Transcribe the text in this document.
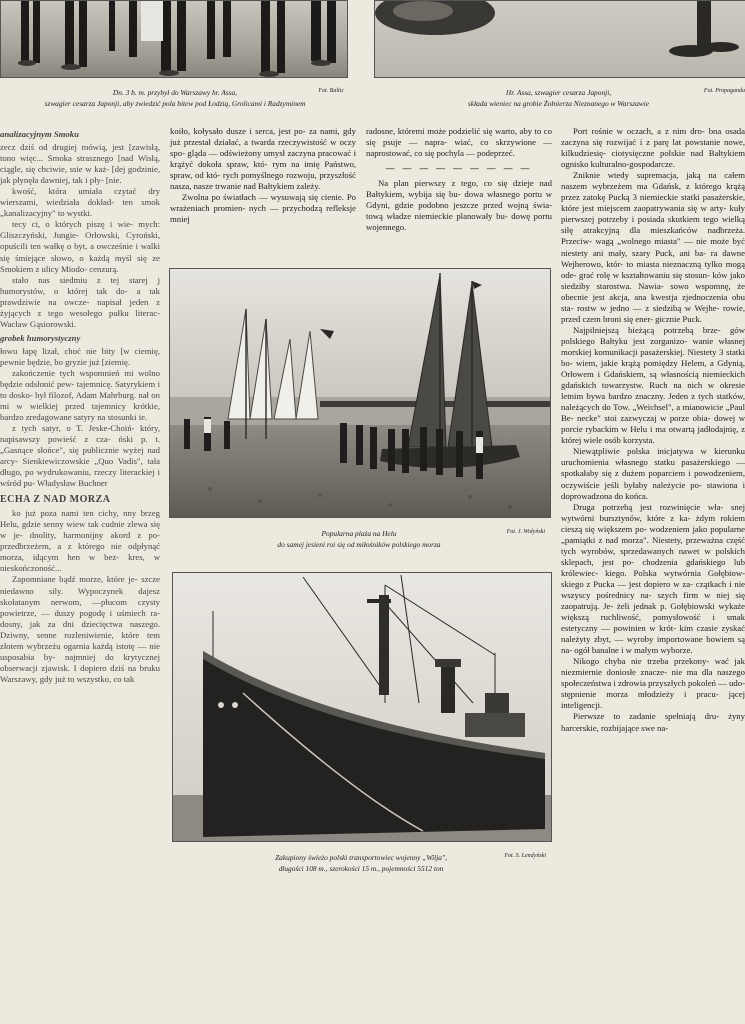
Dn. 3 b. m. przybył do Warszawy hr. Assa,	Fot. Baltic
szwagier cesarza Japonji, aby zwiedzić pola bitew pod Łodzią, Grolicami i Radzyminem
Hr. Assa, szwagier cesarza Japonji,	Fot. Propaganda
składa wieniec na grobie Żołnierza Nieznanego w Warszawie
analizacyjnym Smoku

zecz dziś od drugiej mówią, jest [zawisłą, tono więc... Smoka strasznego [nad Wisłą, ciągle, się chciwie, ssie w każ- [dej godzinie, jak płynęła dawniej, tak i pły- [nie.

kwość, która umiała czytać dry wierszami, wiedziała dokład- ten smok „kanalizacyjny" to wystki.

tecy ci, o których piszę i wie- mych: Gliszczyński, Jungie- Orłowski, Cyroński, opuścili ten wałkę o byt, a owcześnie i walki się śmiejące słowo, o każdą myśl się ze Smokiem z ulicy Miodo- cenzurą.

stało nas siedmiu z tej starej j humorystów, o której tak do- a tak prawdziwie na owcze- napisał jeden z żyjących z tego wesołego pułku literac- Wacław Gąsiorowski.

grobek humorystyczny

łowu łapę lizał, choć nie bity [w ciemię, pewnie będzie, bo gryzie już [ziemię.

zakończenie tych wspomnień mi wolno będzie odsłonić pew- tajemnicę. Satyrykiem i to dosko- był filozof, Adam Mahrburg. nał on mi w wielkiej przed tajemnicy krótkie, bardzo zredagowane satyry na stosunki ie.

z tych satyr, o T. Jeske-Choiń- który, napisawszy powieść z cza- ński p. t. „Gasnące słońce", się publicznie wyżej nad arcy- Sienkiewiczowskie „Quo Vadis", tała długo, po wydrukowaniu, rzeczy literackiej i wśród pu- Władysław Buchner

ECHA Z NAD MORZA

ko już poza nami ten cichy, nny brzeg Helu, gdzie senny wiew tak cudnie zlewa się w je- dnolity, harmonijny akord z po- przedbrzeżem, a z którego nie odpłynąć morza, idącym hen w bez- kres, w nieskończoność...

Zapomniane bądź morze, które je- szcze niedawno sily. Wypoczynek dajesz skołatanym nerwom, —płucom czysty powietrze, — duszy pogodę i uśmiech ra- dosny, jak za dni dziecięctwa naszego. Dziwny, senne rozleniwienie, które tem złotem wybrzeżu ogarnia każdą istotę — nie usposabia by- najmniej do krytycznej obserwacji zjawisk. I dopiero dziś na bruku Warszawy, gdy już to wszystko, co tak

koiło, kołysało dusze i serca, jest po- za nami, gdy już przestał działać, a twarda rzeczywistość w oczy spo- gląda — odświeżony umysł zaczyna pracować i krążyć dokoła spraw, któ- rym na imię Państwo, spraw, od któ- rych pomyślnego rozwoju, przyszłość nasza, nasze trwanie nad Bałtykiem zależy.

Zwolna po światłach — wysuwają się cienie. Po wrażeniach promien- nych — przychodzą refleksje mniej

radosne, któremi może podzielić się warto, aby to co się psuje — napra- wiać, co skrzywione — naprostować, co się pochyla — podeprzeć.

— — — — — — — — —

Na plan pierwszy z tego, co się dzieje nad Bałtykiem, wybija się bu- dowa własnego portu w Gdyni, gdzie podobno jeszcze przed wojną świa- tową władze niemieckie planowały bu- dowę portu wojennego.

Port rośnie w oczach, a z nim dro- bna osada zaczyna się rozwijać i z parę lat powstanie nowe, kilkudziesię- ciotysięczne polskie nad Bałtykiem ognisko kulturalno-gospodarcze.

Zniknie wtedy supremacja, jaką na całem naszem wybrzeżem ma Gdańsk, z którego krążą przez zatokę Pucką 3 niemieckie statki pasażerskie, które jest miejscem zaopatrywania się w arty- kuły pierwszej potrzeby i posiada skutkiem tego wielką siłę atrakcyjną dla mieszkańców nadbrzeża. Przeciw- wagą „wolnego miasta" — nie może być niestety ani mały, szary Puck, ani ba- ra dawne Wejherowo, któr- to miasta nieznaczną tylko mogą ode- grać rolę w kształtowaniu się stosun- ków jako siedziby starostwa. Nawia- sowo wspomnę, że obecnie jest akcja, ana kwestja zjednoczenia obu sta- rostw w jedno — z siedzibą w Wejhe- rowie, przed czem broni się ener- gicznie Puck.

Najpilniejszą bieżącą potrzebą brze- gów polskiego Bałtyku jest zorganizo- wanie własnej morskiej komunikacji pasażerskiej. Niestety 3 statki bo- wiem, jakie krążą pomiędzy Helem, a Gdynią, Orłowem i Gdańskiem, są własnością niemieckich gdańskich towarzystw. Ruch na nich w okresie letnim bywa bardzo znaczny. Jeden z tych statków, należących do Tow. „Weichsel", a mianowicie „Paul Be- necke" stoi zazwyczaj w porze obia- dowej w porcie rybackim w Helu i ma otwartą jadłodajnię, z której wiele osób korzysta.

Niewątpliwie polska inicjatywa w kierunku uruchomienia własnego statku pasażerskiego — spotkałaby się z dużem poparciem i powodzeniem, oczywiście jeśli byłaby należycie po- stawiona i doprowadzona do końca.

Druga potrzebą jest rozwinięcie wła- snej wytwórni bursztynów, które z ka- żdym rokiem cieszą się większem po- wodzeniem jako popularne „pamiątki z nad morza". Niestety, przeważna część tych wyrobów, sprzedawanych nawet w polskich sklepach, jest po- chodzenia gdańskiego lub królewiec- kiego. Polska wytwórnia Gołębiow- skiego z Pucka — jest dopiero w za- czątkach i nie wszyscy pośrednicy na- szych firm w niej się zaopatrują. Je- żeli jednak p. Gołębiowski wykaże większą ruchliwość, pomysłowość i smak estetyczny — powinien w krót- kim czasie zyskać należyty zbyt, — wyroby importowane bowiem są na- ogół banalne i w małym wyborze.

Nikogo chyba nie trzeba przekony- wać jak niezmiernie doniosłe znacze- nie ma dla naszego społeczeństwa i zdrowia przyszłych pokoleń — udo- stępnienie morza młodzieży i pracu- jącej inteligencji.

Pierwsze to zadanie spełniają dru- żyny harcerskie, rozbijające swe na-

Popularna plaża na Helu	Fot. J. Wołyński
do samej jesieni roi się od miłośników polskiego morza
Zakupiony świeżo polski transportowiec wojenny „Wilja",	Fot. S. Lendyński
długości 108 m., szerokości 15 m., pojemności 5512 ton
